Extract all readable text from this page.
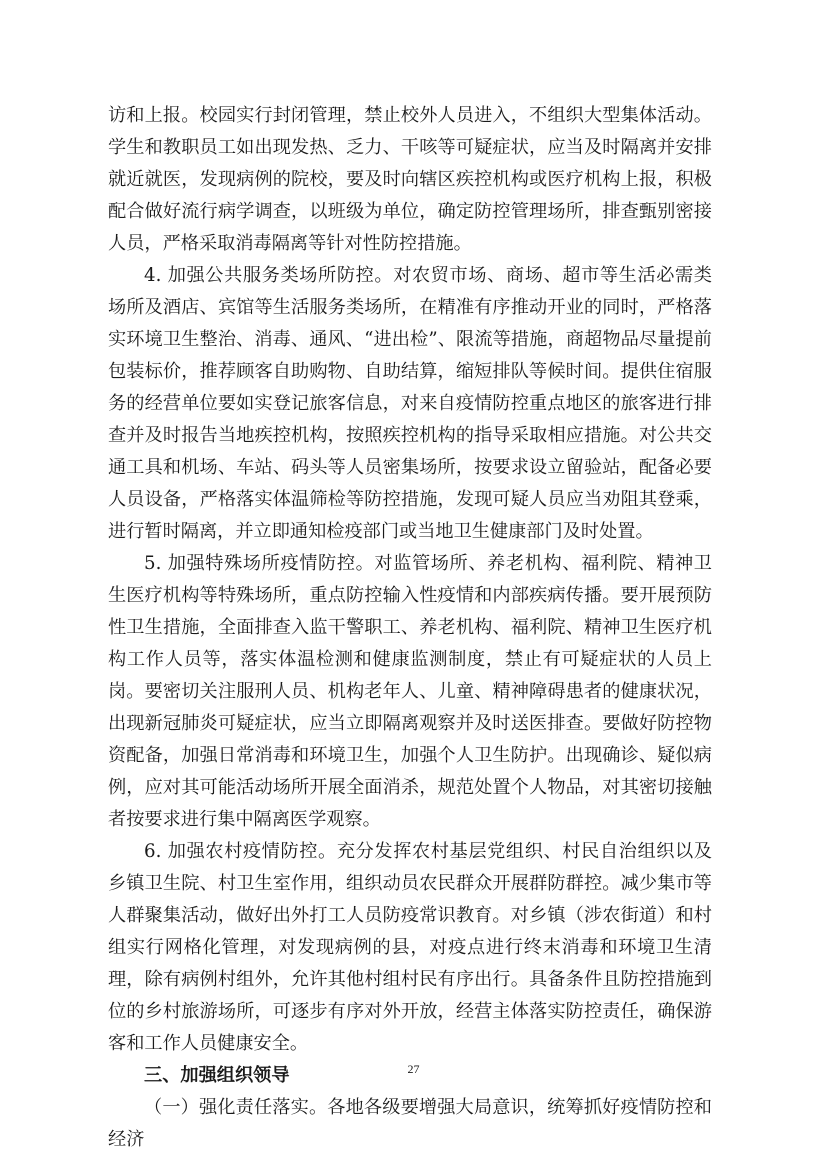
访和上报。校园实行封闭管理，禁止校外人员进入，不组织大型集体活动。学生和教职员工如出现发热、乏力、干咳等可疑症状，应当及时隔离并安排就近就医，发现病例的院校，要及时向辖区疾控机构或医疗机构上报，积极配合做好流行病学调查，以班级为单位，确定防控管理场所，排查甄别密接人员，严格采取消毒隔离等针对性防控措施。

4. 加强公共服务类场所防控。对农贸市场、商场、超市等生活必需类场所及酒店、宾馆等生活服务类场所，在精准有序推动开业的同时，严格落实环境卫生整治、消毒、通风、“进出检”、限流等措施，商超物品尽量提前包装标价，推荐顾客自助购物、自助结算，缩短排队等候时间。提供住宿服务的经营单位要如实登记旅客信息，对来自疫情防控重点地区的旅客进行排查并及时报告当地疾控机构，按照疾控机构的指导采取相应措施。对公共交通工具和机场、车站、码头等人员密集场所，按要求设立留验站，配备必要人员设备，严格落实体温筛检等防控措施，发现可疑人员应当劝阻其登乘，进行暂时隔离，并立即通知检疫部门或当地卫生健康部门及时处置。

5. 加强特殊场所疫情防控。对监管场所、养老机构、福利院、精神卫生医疗机构等特殊场所，重点防控输入性疫情和内部疾病传播。要开展预防性卫生措施，全面排查入监干警职工、养老机构、福利院、精神卫生医疗机构工作人员等，落实体温检测和健康监测制度，禁止有可疑症状的人员上岗。要密切关注服刑人员、机构老年人、儿童、精神障碍患者的健康状况，出现新冠肺炎可疑症状，应当立即隔离观察并及时送医排查。要做好防控物资配备，加强日常消毒和环境卫生，加强个人卫生防护。出现确诊、疑似病例，应对其可能活动场所开展全面消杀，规范处置个人物品，对其密切接触者按要求进行集中隔离医学观察。

6. 加强农村疫情防控。充分发挥农村基层党组织、村民自治组织以及乡镇卫生院、村卫生室作用，组织动员农民群众开展群防群控。减少集市等人群聚集活动，做好出外打工人员防疫常识教育。对乡镇（涉农街道）和村组实行网格化管理，对发现病例的县，对疫点进行终末消毒和环境卫生清理，除有病例村组外，允许其他村组村民有序出行。具备条件且防控措施到位的乡村旅游场所，可逐步有序对外开放，经营主体落实防控责任，确保游客和工作人员健康安全。

三、加强组织领导

（一）强化责任落实。各地各级要增强大局意识，统筹抓好疫情防控和经济

27
